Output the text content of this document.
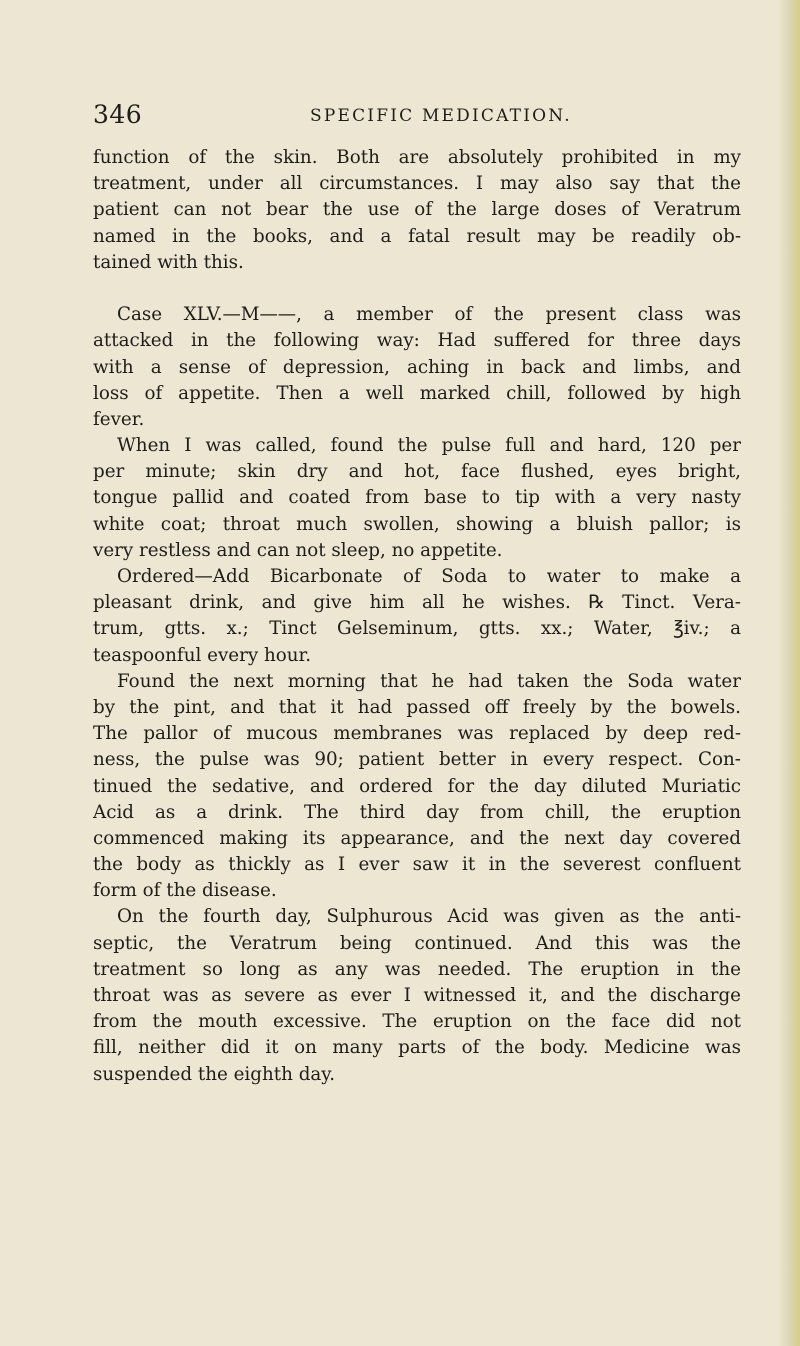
346	SPECIFIC MEDICATION.
function of the skin. Both are absolutely prohibited in my
treatment, under all circumstances. I may also say that the
patient can not bear the use of the large doses of Veratrum
named in the books, and a fatal result may be readily ob-
tained with this.
Case XLV.—M——, a member of the present class was
attacked in the following way: Had suffered for three days
with a sense of depression, aching in back and limbs, and
loss of appetite. Then a well marked chill, followed by high
fever.
When I was called, found the pulse full and hard, 120 per
per minute; skin dry and hot, face flushed, eyes bright,
tongue pallid and coated from base to tip with a very nasty
white coat; throat much swollen, showing a bluish pallor; is
very restless and can not sleep, no appetite.
Ordered—Add Bicarbonate of Soda to water to make a
pleasant drink, and give him all he wishes. ℞ Tinct. Vera-
trum, gtts. x.; Tinct Gelseminum, gtts. xx.; Water, ℥iv.; a
teaspoonful every hour.
Found the next morning that he had taken the Soda water
by the pint, and that it had passed off freely by the bowels.
The pallor of mucous membranes was replaced by deep red-
ness, the pulse was 90; patient better in every respect. Con-
tinued the sedative, and ordered for the day diluted Muriatic
Acid as a drink. The third day from chill, the eruption
commenced making its appearance, and the next day covered
the body as thickly as I ever saw it in the severest confluent
form of the disease.
On the fourth day, Sulphurous Acid was given as the anti-
septic, the Veratrum being continued. And this was the
treatment so long as any was needed. The eruption in the
throat was as severe as ever I witnessed it, and the discharge
from the mouth excessive. The eruption on the face did not
fill, neither did it on many parts of the body. Medicine was
suspended the eighth day.
